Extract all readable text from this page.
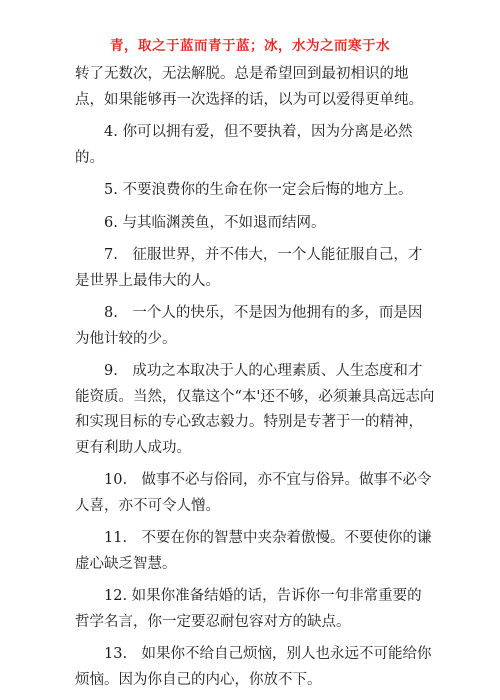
青，取之于蓝而青于蓝；冰，水为之而寒于水

转了无数次，无法解脱。总是希望回到最初相识的地点，如果能够再一次选择的话，以为可以爱得更单纯。

4. 你可以拥有爱，但不要执着，因为分离是必然的。

5. 不要浪费你的生命在你一定会后悔的地方上。

6. 与其临渊羡鱼，不如退而结网。

7.　征服世界，并不伟大，一个人能征服自己，才是世界上最伟大的人。

8.　一个人的快乐，不是因为他拥有的多，而是因为他计较的少。

9.　成功之本取决于人的心理素质、人生态度和才能资质。当然，仅靠这个“本'还不够，必须兼具高远志向和实现目标的专心致志毅力。特别是专著于一的精神，更有利助人成功。

10.　做事不必与俗同，亦不宜与俗异。做事不必令人喜，亦不可令人憎。

11.　不要在你的智慧中夹杂着傲慢。不要使你的谦虚心缺乏智慧。

12. 如果你准备结婚的话，告诉你一句非常重要的哲学名言，你一定要忍耐包容对方的缺点。

13.　如果你不给自己烦恼，别人也永远不可能给你烦恼。因为你自己的内心，你放不下。
